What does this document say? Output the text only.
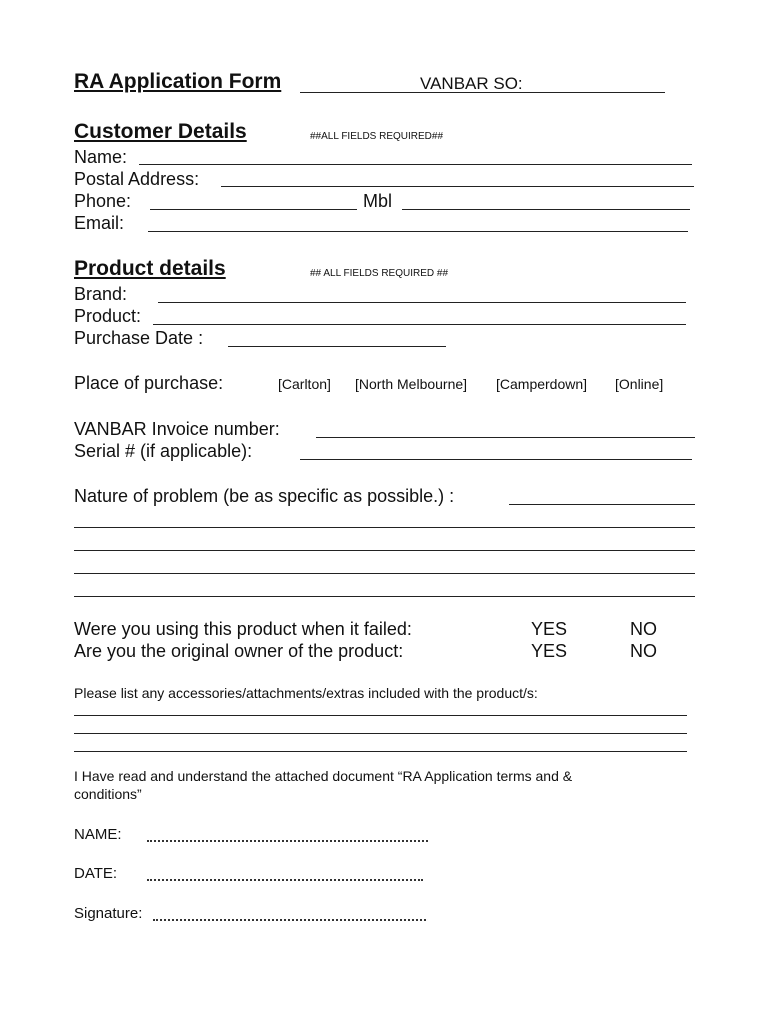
RA Application Form	VANBAR SO:
Customer Details	##ALL FIELDS REQUIRED##
Name:
Postal Address:
Phone:	Mbl
Email:
Product details	## ALL FIELDS REQUIRED ##
Brand:
Product:
Purchase Date :
Place of purchase:	[Carlton] [North Melbourne] [Camperdown] [Online]
VANBAR Invoice number:
Serial # (if applicable):
Nature of problem (be as specific as possible.) :
Were you using this product when it failed:	YES	NO
Are you the original owner of the product:	YES	NO
Please list any accessories/attachments/extras included with the product/s:
I Have read and understand the attached document “RA Application terms and &
conditions”
NAME:
DATE:
Signature:
